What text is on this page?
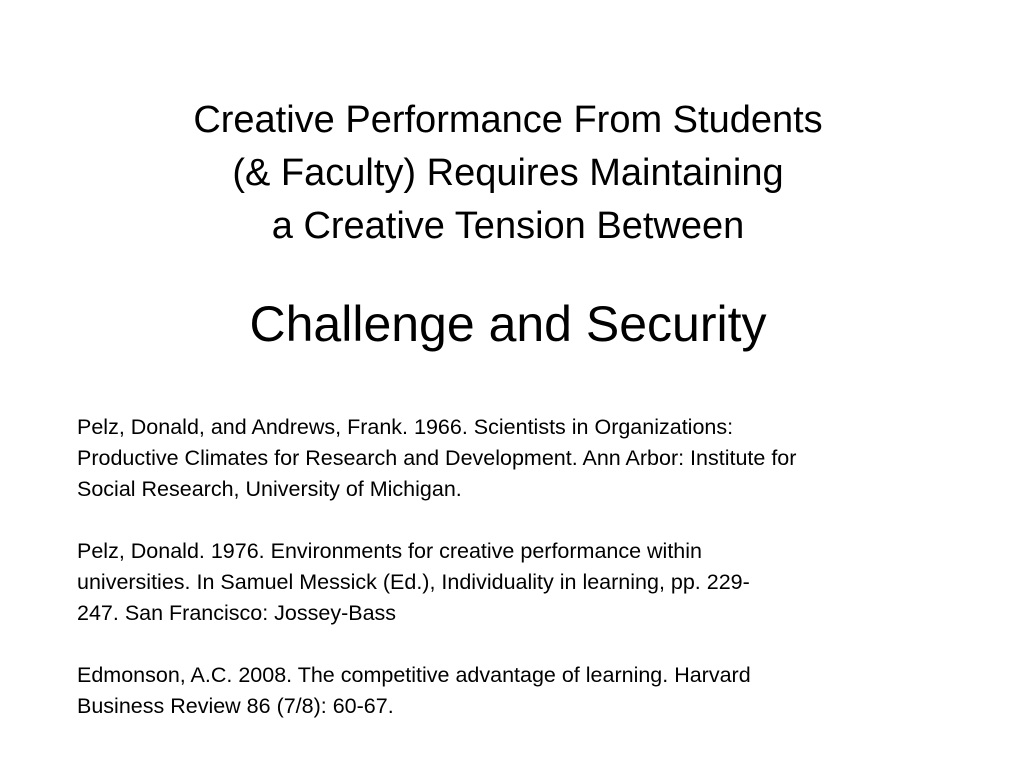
Creative Performance From Students
(& Faculty) Requires Maintaining
a Creative Tension Between
Challenge and Security
Pelz, Donald, and Andrews, Frank. 1966. Scientists in Organizations:
Productive Climates for Research and Development. Ann Arbor: Institute for
Social Research, University of Michigan.
Pelz, Donald. 1976. Environments for creative performance within
universities. In Samuel Messick (Ed.), Individuality in learning, pp. 229-
247. San Francisco: Jossey-Bass
Edmonson, A.C. 2008. The competitive advantage of learning. Harvard
Business Review 86 (7/8): 60-67.
